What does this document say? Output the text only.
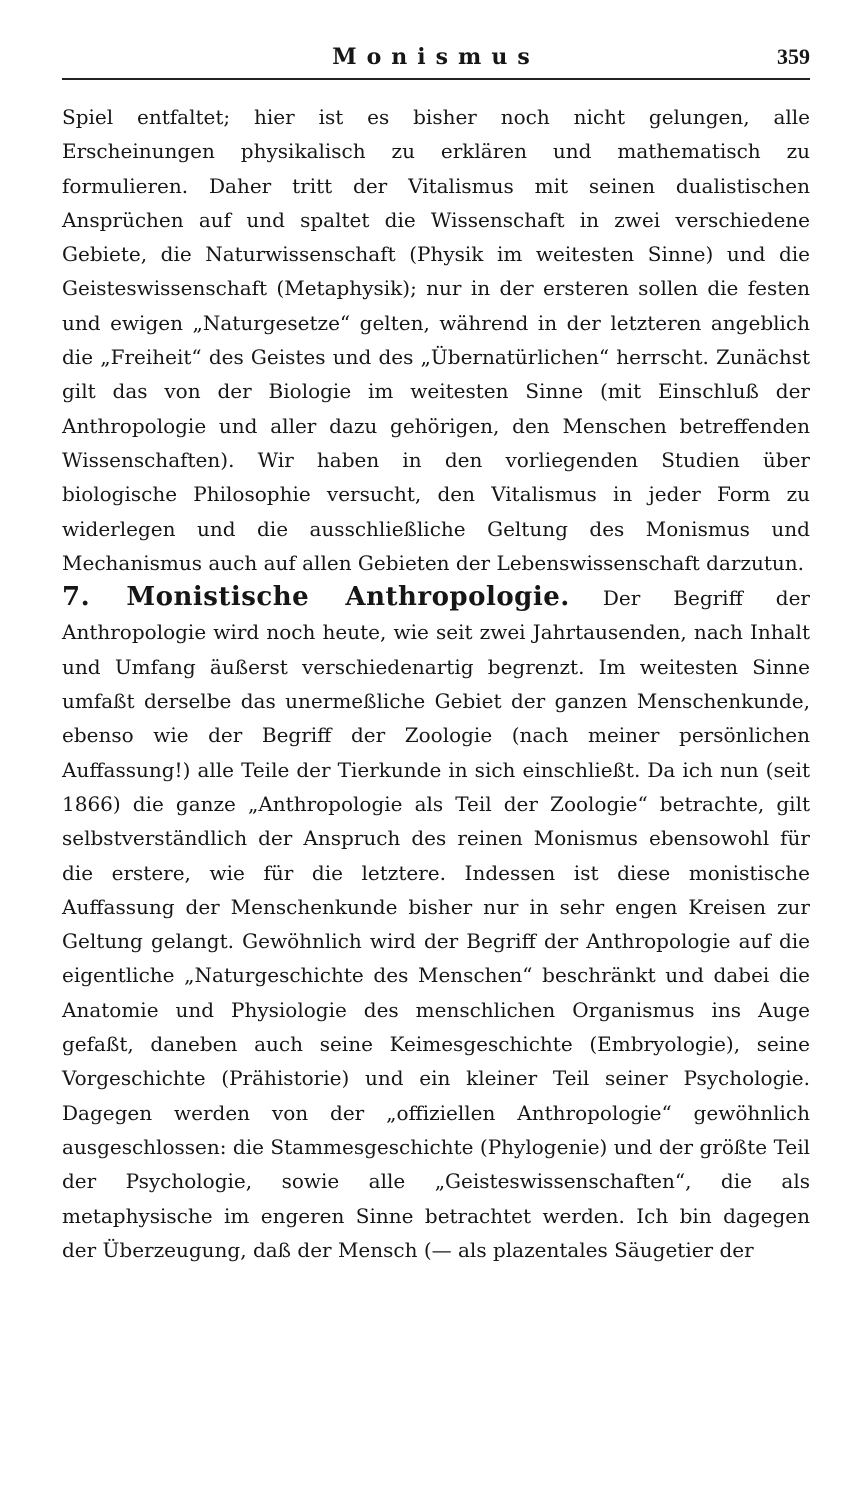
Monismus	359

Spiel entfaltet; hier ist es bisher noch nicht gelungen, alle Erscheinungen physikalisch zu erklären und mathematisch zu formulieren. Daher tritt der Vitalismus mit seinen dualistischen Ansprüchen auf und spaltet die Wissenschaft in zwei verschiedene Gebiete, die Naturwissenschaft (Physik im weitesten Sinne) und die Geisteswissenschaft (Metaphysik); nur in der ersteren sollen die festen und ewigen „Naturgesetze“ gelten, während in der letzteren angeblich die „Freiheit“ des Geistes und des „Übernatürlichen“ herrscht. Zunächst gilt das von der Biologie im weitesten Sinne (mit Einschluß der Anthropologie und aller dazu gehörigen, den Menschen betreffenden Wissenschaften). Wir haben in den vorliegenden Studien über biologische Philosophie versucht, den Vitalismus in jeder Form zu widerlegen und die ausschließliche Geltung des Monismus und Mechanismus auch auf allen Gebieten der Lebenswissenschaft darzutun.

7. Monistische Anthropologie. Der Begriff der Anthropologie wird noch heute, wie seit zwei Jahrtausenden, nach Inhalt und Umfang äußerst verschiedenartig begrenzt. Im weitesten Sinne umfaßt derselbe das unermeßliche Gebiet der ganzen Menschenkunde, ebenso wie der Begriff der Zoologie (nach meiner persönlichen Auffassung!) alle Teile der Tierkunde in sich einschließt. Da ich nun (seit 1866) die ganze „Anthropologie als Teil der Zoologie“ betrachte, gilt selbstverständlich der Anspruch des reinen Monismus ebensowohl für die erstere, wie für die letztere. Indessen ist diese monistische Auffassung der Menschenkunde bisher nur in sehr engen Kreisen zur Geltung gelangt. Gewöhnlich wird der Begriff der Anthropologie auf die eigentliche „Naturgeschichte des Menschen“ beschränkt und dabei die Anatomie und Physiologie des menschlichen Organismus ins Auge gefaßt, daneben auch seine Keimesgeschichte (Embryologie), seine Vorgeschichte (Prähistorie) und ein kleiner Teil seiner Psychologie. Dagegen werden von der „offiziellen Anthropologie“ gewöhnlich ausgeschlossen: die Stammesgeschichte (Phylogenie) und der größte Teil der Psychologie, sowie alle „Geisteswissenschaften“, die als metaphysische im engeren Sinne betrachtet werden. Ich bin dagegen der Überzeugung, daß der Mensch (— als plazentales Säugetier der
